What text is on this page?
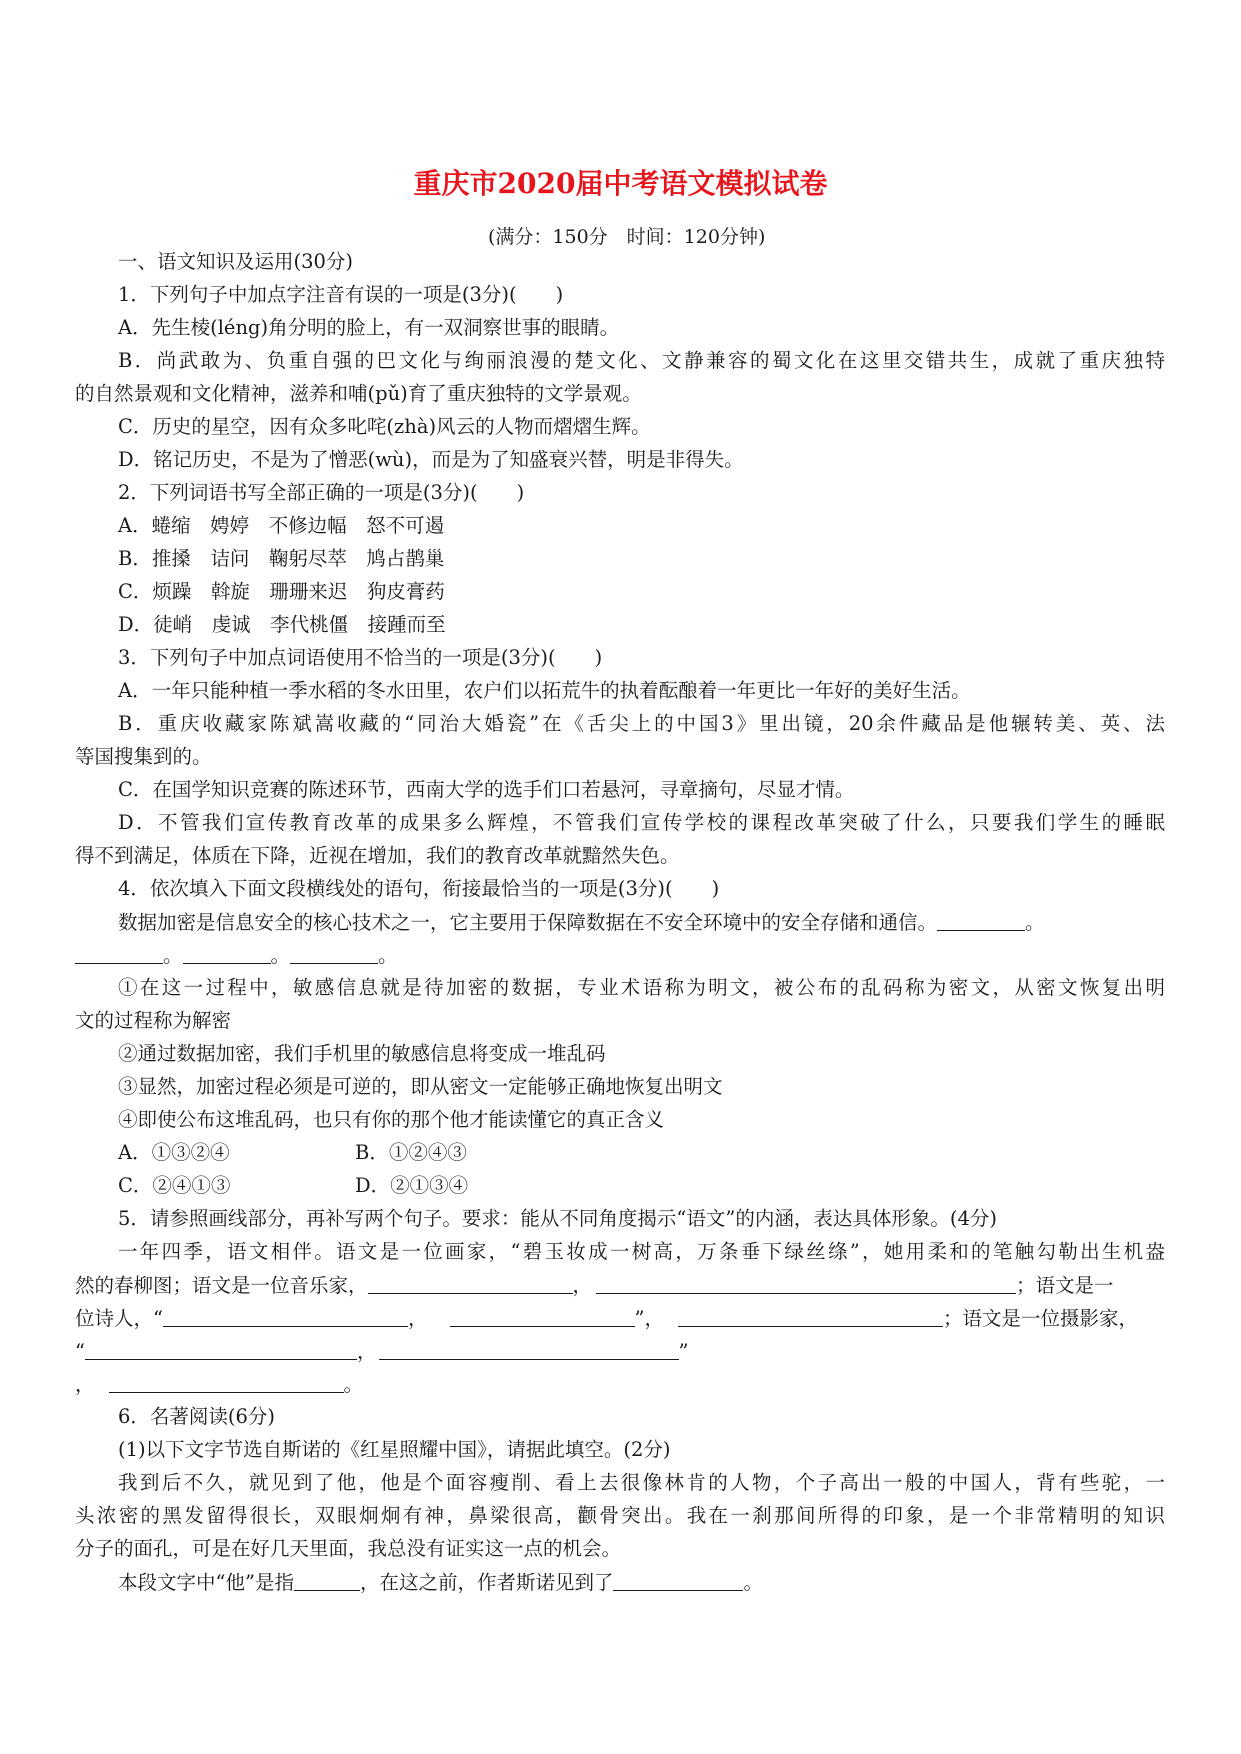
重庆市2020届中考语文模拟试卷
(满分：150分　时间：120分钟)
一、语文知识及运用(30分)
1．下列句子中加点字注音有误的一项是(3分)(　　)
A．先生棱(léng)角分明的脸上，有一双洞察世事的眼睛。
B．尚武敢为、负重自强的巴文化与绚丽浪漫的楚文化、文静兼容的蜀文化在这里交错共生，成就了重庆独特
的自然景观和文化精神，滋养和哺(pǔ)育了重庆独特的文学景观。
C．历史的星空，因有众多叱咤(zhà)风云的人物而熠熠生辉。
D．铭记历史，不是为了憎恶(wù)，而是为了知盛衰兴替，明是非得失。
2．下列词语书写全部正确的一项是(3分)(　　)
A．蜷缩　娉婷　不修边幅　怒不可遏
B．推搡　诘问　鞠躬尽萃　鸠占鹊巢
C．烦躁　斡旋　珊珊来迟　狗皮膏药
D．徒峭　虔诚　李代桃僵　接踵而至
3．下列句子中加点词语使用不恰当的一项是(3分)(　　)
A．一年只能种植一季水稻的冬水田里，农户们以拓荒牛的执着酝酿着一年更比一年好的美好生活。
B．重庆收藏家陈斌嵩收藏的“同治大婚瓷”在《舌尖上的中国3》里出镜，20余件藏品是他辗转美、英、法
等国搜集到的。
C．在国学知识竞赛的陈述环节，西南大学的选手们口若悬河，寻章摘句，尽显才情。
D．不管我们宣传教育改革的成果多么辉煌，不管我们宣传学校的课程改革突破了什么，只要我们学生的睡眠
得不到满足，体质在下降，近视在增加，我们的教育改革就黯然失色。
4．依次填入下面文段横线处的语句，衔接最恰当的一项是(3分)(　　)
数据加密是信息安全的核心技术之一，它主要用于保障数据在不安全环境中的安全存储和通信。	。
。	。	。
①在这一过程中，敏感信息就是待加密的数据，专业术语称为明文，被公布的乱码称为密文，从密文恢复出明
文的过程称为解密
②通过数据加密，我们手机里的敏感信息将变成一堆乱码
③显然，加密过程必须是可逆的，即从密文一定能够正确地恢复出明文
④即使公布这堆乱码，也只有你的那个他才能读懂它的真正含义
A．①③②④	B．①②④③
C．②④①③	D．②①③④
5．请参照画线部分，再补写两个句子。要求：能从不同角度揭示“语文”的内涵，表达具体形象。(4分)
一年四季，语文相伴。语文是一位画家，“碧玉妆成一树高，万条垂下绿丝绦”，她用柔和的笔触勾勒出生机盎
然的春柳图；语文是一位音乐家，	，	；语文是一
位诗人，“	，	”，	；语文是一位摄影家，
“	，	”
，	。
6．名著阅读(6分)
(1)以下文字节选自斯诺的《红星照耀中国》，请据此填空。(2分)
我到后不久，就见到了他，他是个面容瘦削、看上去很像林肯的人物，个子高出一般的中国人，背有些驼，一
头浓密的黑发留得很长，双眼炯炯有神，鼻梁很高，颧骨突出。我在一刹那间所得的印象，是一个非常精明的知识
分子的面孔，可是在好几天里面，我总没有证实这一点的机会。
本段文字中“他”是指	，在这之前，作者斯诺见到了	。
